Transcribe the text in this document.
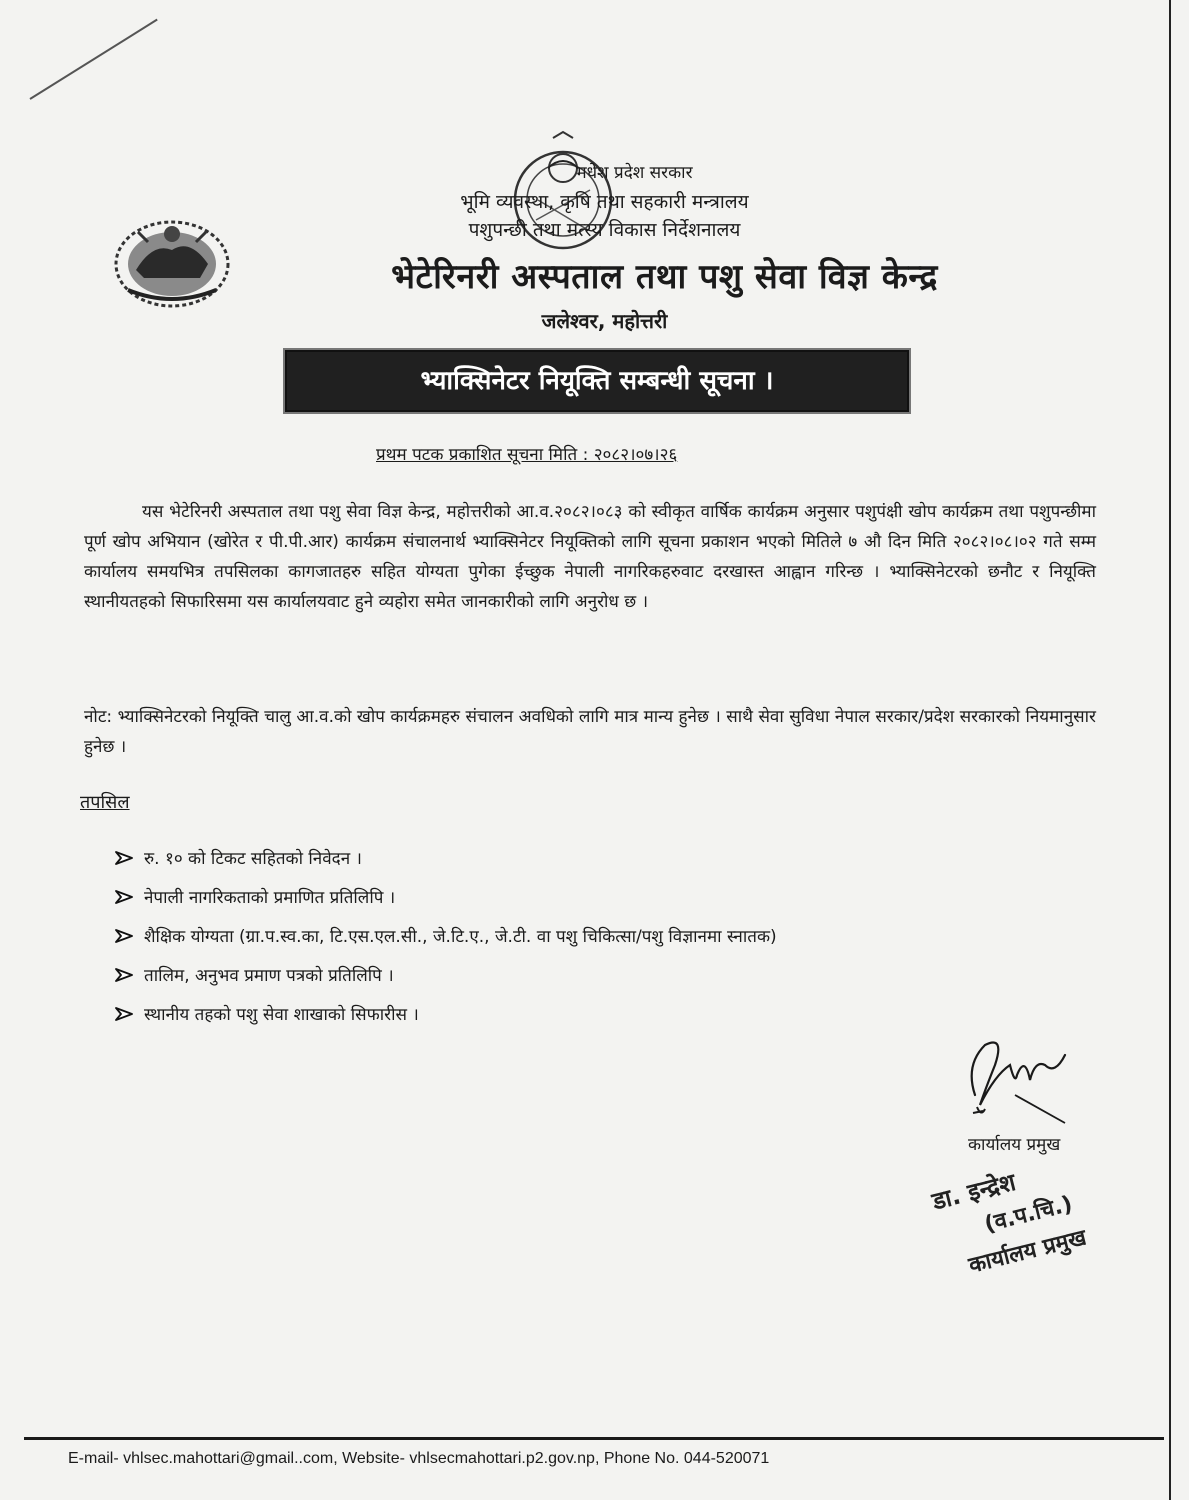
मधेश प्रदेश सरकार
भूमि व्यवस्था, कृषि तथा सहकारी मन्त्रालय
पशुपन्छी तथा मत्स्य विकास निर्देशनालय
भेटेरिनरी अस्पताल तथा पशु सेवा विज्ञ केन्द्र
जलेश्वर, महोत्तरी
भ्याक्सिनेटर नियूक्ति सम्बन्धी सूचना ।
प्रथम पटक प्रकाशित सूचना मिति : २०८२।०७।२६
यस भेटेरिनरी अस्पताल तथा पशु सेवा विज्ञ केन्द्र, महोत्तरीको आ.व.२०८२।०८३ को स्वीकृत वार्षिक कार्यक्रम अनुसार पशुपंक्षी खोप कार्यक्रम तथा पशुपन्छीमा पूर्ण खोप अभियान (खोरेत र पी.पी.आर) कार्यक्रम संचालनार्थ भ्याक्सिनेटर नियूक्तिको लागि सूचना प्रकाशन भएको मितिले ७ औ दिन मिति २०८२।०८।०२ गते सम्म कार्यालय समयभित्र तपसिलका कागजातहरु सहित योग्यता पुगेका ईच्छुक नेपाली नागरिकहरुवाट दरखास्त आह्वान गरिन्छ । भ्याक्सिनेटरको छनौट र नियूक्ति स्थानीयतहको सिफारिसमा यस कार्यालयवाट हुने व्यहोरा समेत जानकारीको लागि अनुरोध छ ।
नोट: भ्याक्सिनेटरको नियूक्ति चालु आ.व.को खोप कार्यक्रमहरु संचालन अवधिको लागि मात्र मान्य हुनेछ । साथै सेवा सुविधा नेपाल सरकार/प्रदेश सरकारको नियमानुसार हुनेछ ।
तपसिल
रु. १० को टिकट सहितको निवेदन ।
नेपाली नागरिकताको प्रमाणित प्रतिलिपि ।
शैक्षिक योग्यता (ग्रा.प.स्व.का, टि.एस.एल.सी., जे.टि.ए., जे.टी. वा पशु चिकित्सा/पशु विज्ञानमा स्नातक)
तालिम, अनुभव प्रमाण पत्रको प्रतिलिपि ।
स्थानीय तहको पशु सेवा शाखाको सिफारीस ।
कार्यालय प्रमुख
डा. इन्द्रेश
(व.प.चि.)
कार्यालय प्रमुख
E-mail- vhlsec.mahottari@gmail..com, Website- vhlsecmahottari.p2.gov.np, Phone No. 044-520071
